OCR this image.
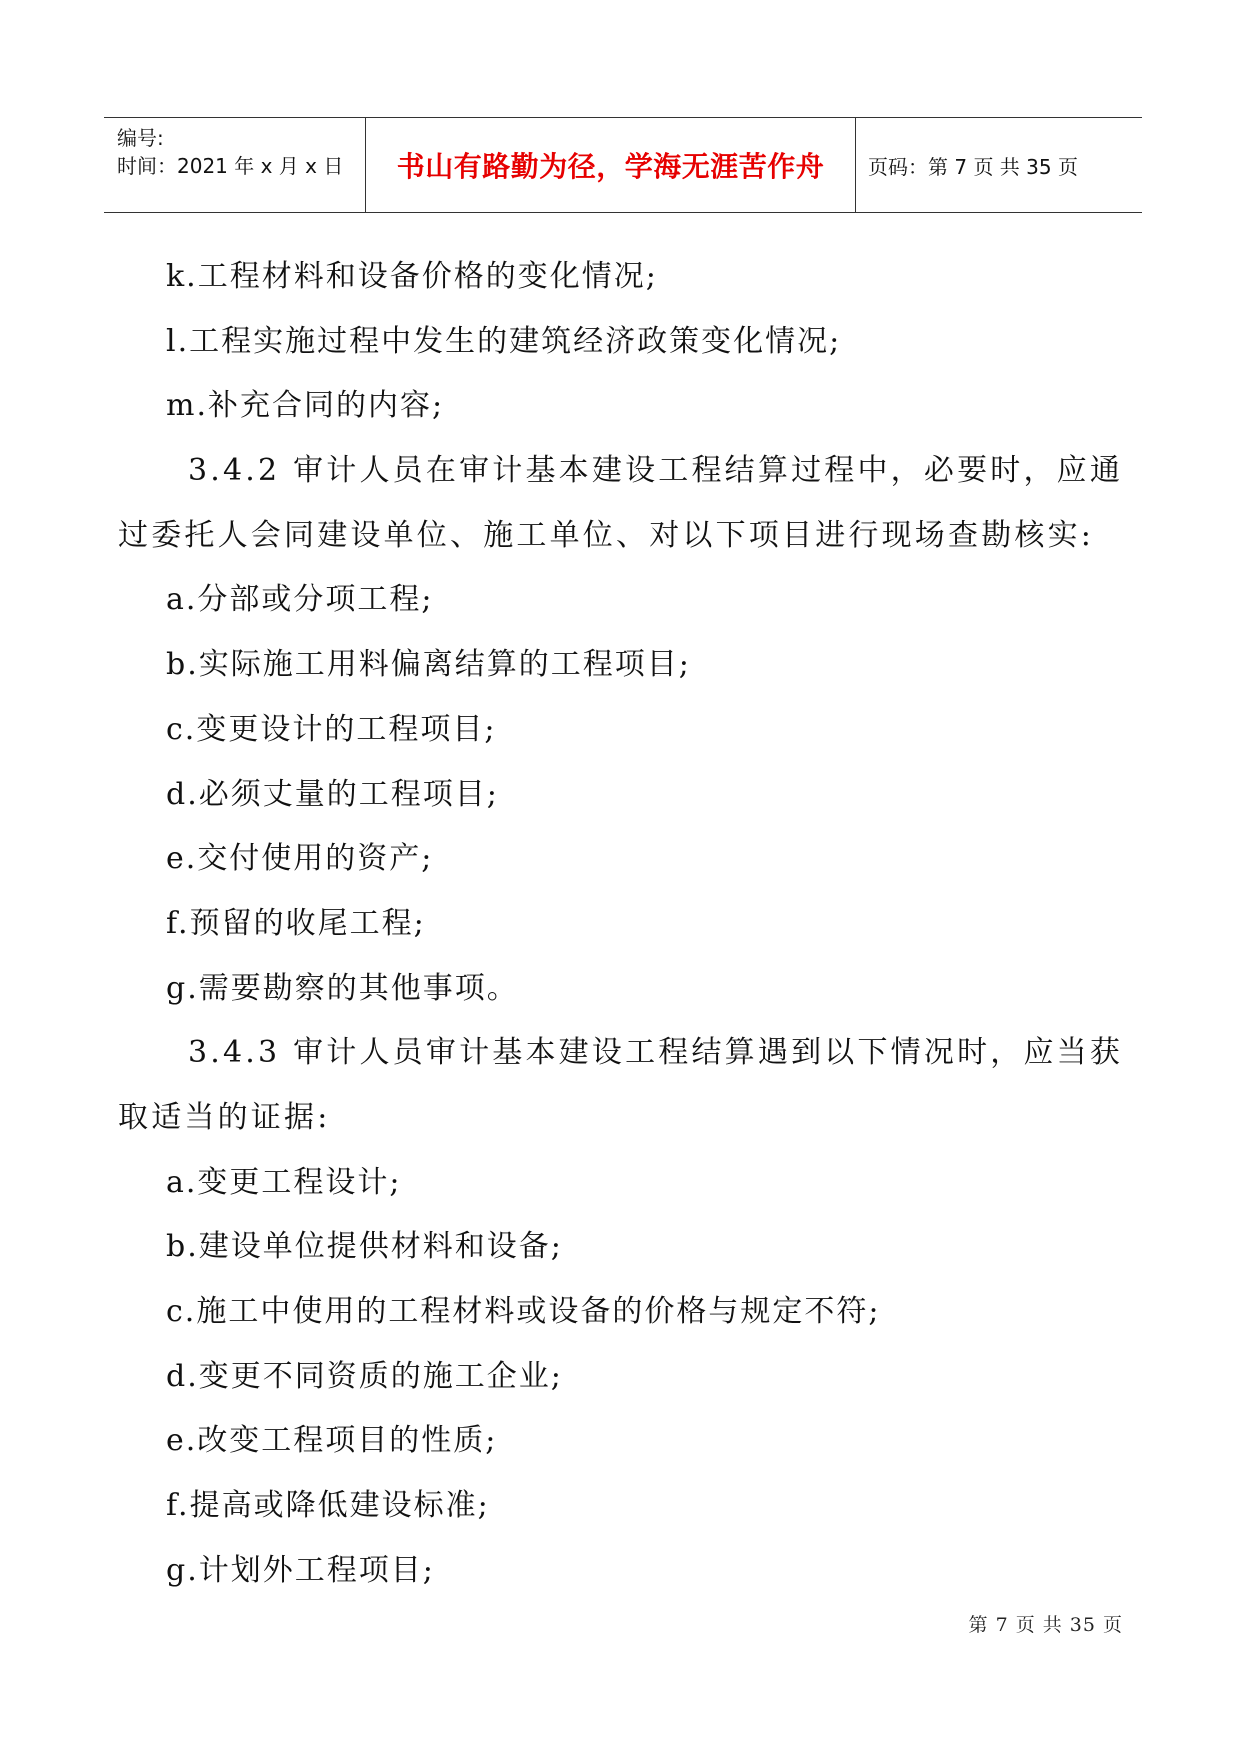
编号:
时间：2021 年 x 月 x 日	书山有路勤为径，学海无涯苦作舟	页码：第 7 页 共 35 页
k.工程材料和设备价格的变化情况;
l.工程实施过程中发生的建筑经济政策变化情况;
m.补充合同的内容;
3.4.2 审计人员在审计基本建设工程结算过程中，必要时，应通
过委托人会同建设单位、施工单位、对以下项目进行现场查勘核实:
a.分部或分项工程;
b.实际施工用料偏离结算的工程项目;
c.变更设计的工程项目;
d.必须丈量的工程项目;
e.交付使用的资产;
f.预留的收尾工程;
g.需要勘察的其他事项。
3.4.3 审计人员审计基本建设工程结算遇到以下情况时，应当获
取适当的证据:
a.变更工程设计;
b.建设单位提供材料和设备;
c.施工中使用的工程材料或设备的价格与规定不符;
d.变更不同资质的施工企业;
e.改变工程项目的性质;
f.提高或降低建设标准;
g.计划外工程项目;
第 7 页 共 35 页
